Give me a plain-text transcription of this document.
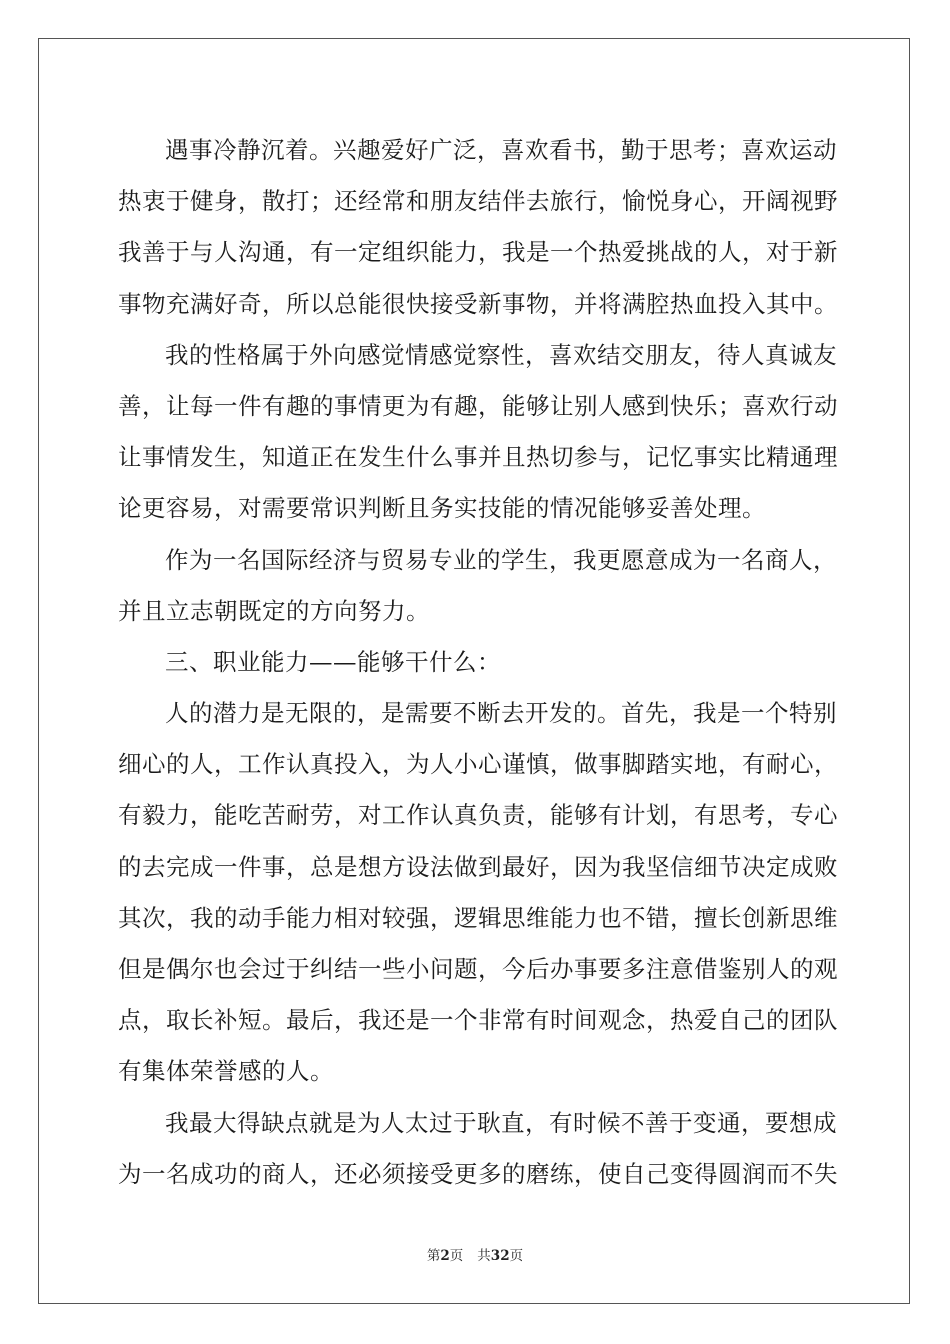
遇事冷静沉着。兴趣爱好广泛，喜欢看书，勤于思考；喜欢运动
热衷于健身，散打；还经常和朋友结伴去旅行，愉悦身心，开阔视野
我善于与人沟通，有一定组织能力，我是一个热爱挑战的人，对于新
事物充满好奇，所以总能很快接受新事物，并将满腔热血投入其中。
我的性格属于外向感觉情感觉察性，喜欢结交朋友，待人真诚友
善，让每一件有趣的事情更为有趣，能够让别人感到快乐；喜欢行动
让事情发生，知道正在发生什么事并且热切参与，记忆事实比精通理
论更容易，对需要常识判断且务实技能的情况能够妥善处理。
作为一名国际经济与贸易专业的学生，我更愿意成为一名商人，
并且立志朝既定的方向努力。
三、职业能力——能够干什么：
人的潜力是无限的，是需要不断去开发的。首先，我是一个特别
细心的人，工作认真投入，为人小心谨慎，做事脚踏实地，有耐心，
有毅力，能吃苦耐劳，对工作认真负责，能够有计划，有思考，专心
的去完成一件事，总是想方设法做到最好，因为我坚信细节决定成败
其次，我的动手能力相对较强，逻辑思维能力也不错，擅长创新思维
但是偶尔也会过于纠结一些小问题，今后办事要多注意借鉴别人的观
点，取长补短。最后，我还是一个非常有时间观念，热爱自己的团队
有集体荣誉感的人。
我最大得缺点就是为人太过于耿直，有时候不善于变通，要想成
为一名成功的商人，还必须接受更多的磨练，使自己变得圆润而不失
第2页 共32页
